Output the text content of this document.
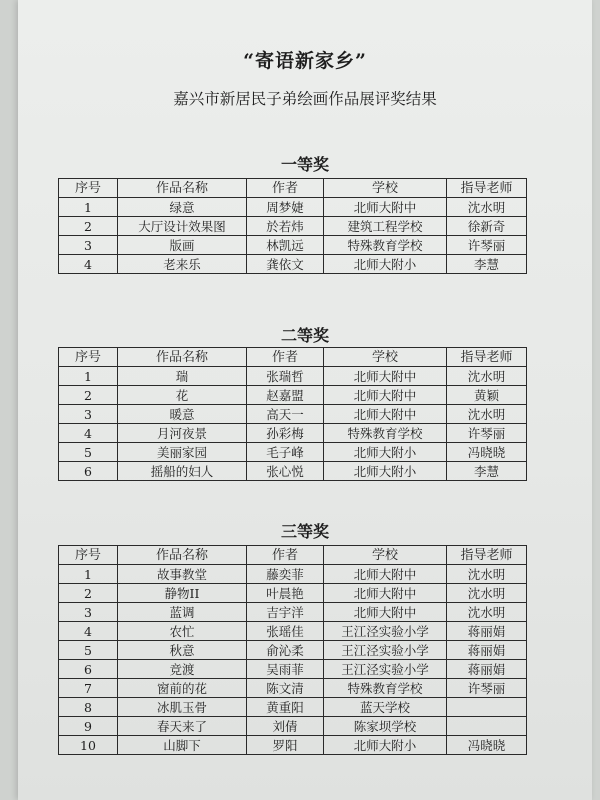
“寄语新家乡”
嘉兴市新居民子弟绘画作品展评奖结果
一等奖
序号	作品名称	作者	学校	指导老师
1	绿意	周梦婕	北师大附中	沈水明
2	大厅设计效果图	於若炜	建筑工程学校	徐新奇
3	版画	林凯远	特殊教育学校	许琴丽
4	老来乐	龚依文	北师大附小	李慧
二等奖
序号	作品名称	作者	学校	指导老师
1	瑞	张瑞哲	北师大附中	沈水明
2	花	赵嘉盟	北师大附中	黄颖
3	暖意	高天一	北师大附中	沈水明
4	月河夜景	孙彩梅	特殊教育学校	许琴丽
5	美丽家园	毛子峰	北师大附小	冯晓晓
6	摇船的妇人	张心悦	北师大附小	李慧
三等奖
序号	作品名称	作者	学校	指导老师
1	故事教堂	藤奕菲	北师大附中	沈水明
2	静物II	叶晨艳	北师大附中	沈水明
3	蓝调	吉宇洋	北师大附中	沈水明
4	农忙	张瑶佳	王江泾实验小学	蒋丽娟
5	秋意	俞沁柔	王江泾实验小学	蒋丽娟
6	竞渡	吴雨菲	王江泾实验小学	蒋丽娟
7	窗前的花	陈文清	特殊教育学校	许琴丽
8	冰肌玉骨	黄重阳	蓝天学校	
9	春天来了	刘倩	陈家坝学校	
10	山脚下	罗阳	北师大附小	冯晓晓
